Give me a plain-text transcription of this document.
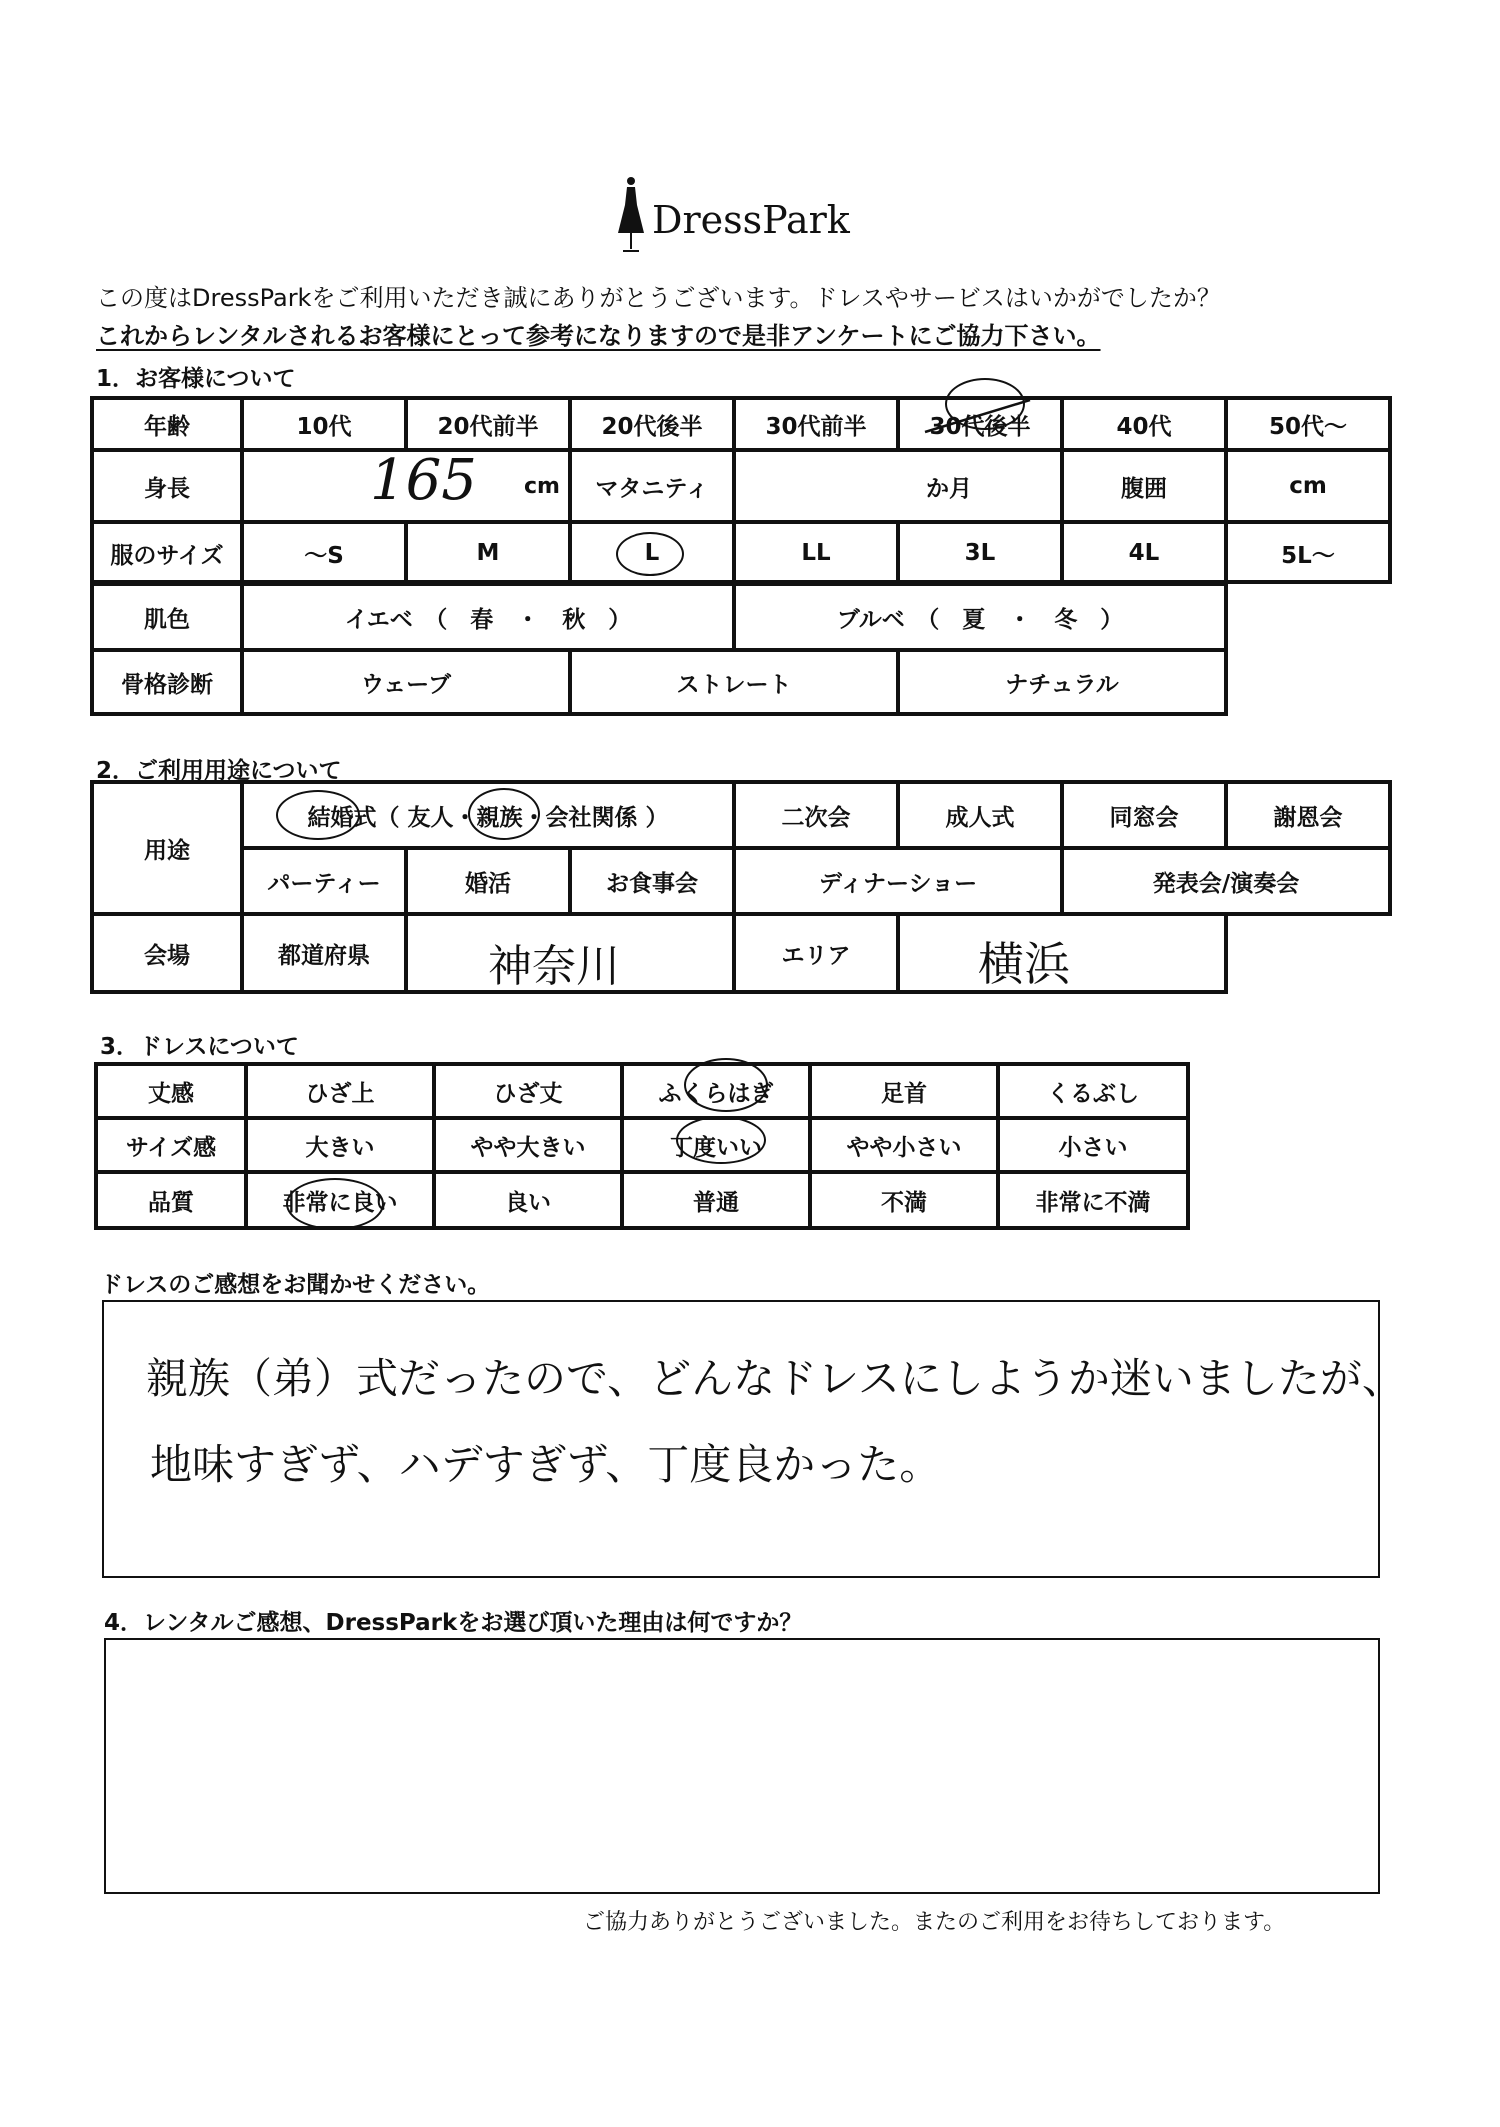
DressPark
この度はDressParkをご利用いただき誠にありがとうございます。ドレスやサービスはいかがでしたか？
これからレンタルされるお客様にとって参考になりますので是非アンケートにご協力下さい。
1．お客様について
年齢	10代	20代前半	20代後半	30代前半	30代後半	40代	50代～
身長	165 cm	マタニティ	か月	腹囲	cm
服のサイズ	～S	M	L	LL	3L	4L	5L～
肌色	イエベ　（　春　・　秋　）	ブルベ　（　夏　・　冬　）
骨格診断	ウェーブ	ストレート	ナチュラル
2．ご利用用途について
用途
結婚式（ 友人・親族・会社関係 ）	二次会	成人式	同窓会	謝恩会
パーティー	婚活	お食事会	ディナーショー	発表会/演奏会
会場	都道府県	神奈川	エリア	横浜
3．ドレスについて
丈感	ひざ上	ひざ丈	ふくらはぎ	足首	くるぶし
サイズ感	大きい	やや大きい	丁度いい	やや小さい	小さい
品質	非常に良い	良い	普通	不満	非常に不満
ドレスのご感想をお聞かせください。
親族（弟）式だったので、どんなドレスにしようか迷いましたが、
地味すぎず、ハデすぎず、丁度良かった。
4．レンタルご感想、DressParkをお選び頂いた理由は何ですか？
ご協力ありがとうございました。またのご利用をお待ちしております。
